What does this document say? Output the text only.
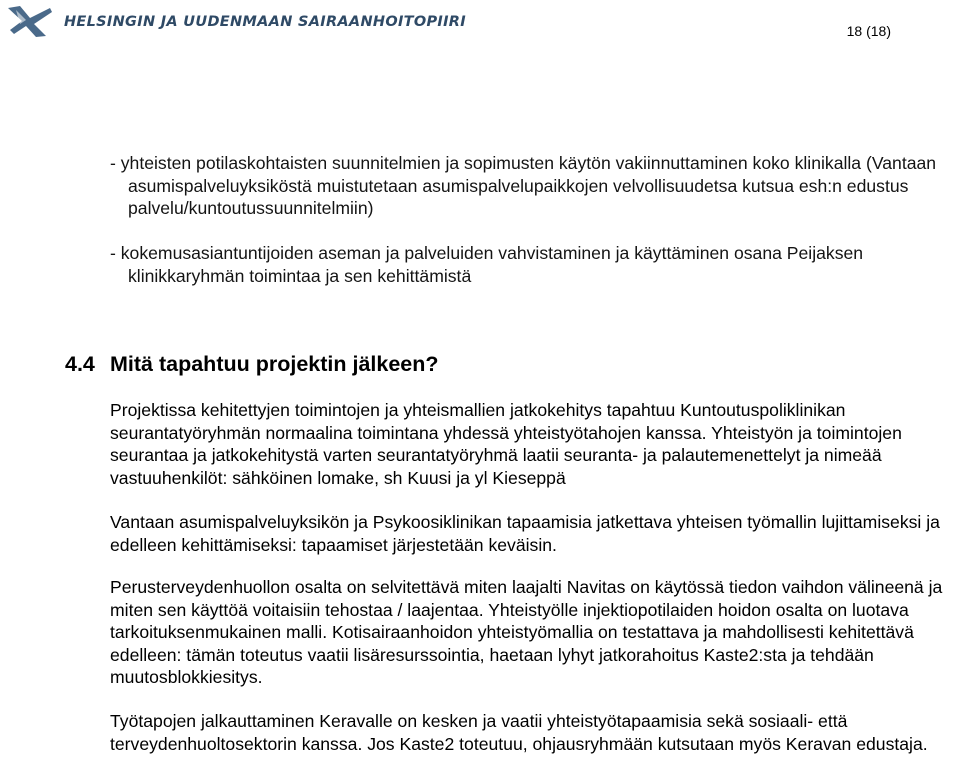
HELSINGIN JA UUDENMAAN SAIRAANHOITOPIIRI
18 (18)

- yhteisten potilaskohtaisten suunnitelmien ja sopimusten käytön vakiinnuttaminen koko klinikalla (Vantaan asumispalveluyksiköstä muistutetaan asumispalvelupaikkojen velvollisuudetsa kutsua esh:n edustus palvelu/kuntoutussuunnitelmiin)

- kokemusasiantuntijoiden aseman ja palveluiden vahvistaminen ja käyttäminen osana Peijaksen klinikkaryhmän toimintaa ja sen kehittämistä

4.4 Mitä tapahtuu projektin jälkeen?

Projektissa kehitettyjen toimintojen ja yhteismallien jatkokehitys tapahtuu Kuntoutuspoliklinikan seurantatyöryhmän normaalina toimintana yhdessä yhteistyötahojen kanssa. Yhteistyön ja toimintojen seurantaa ja jatkokehitystä varten seurantatyöryhmä laatii seuranta- ja palautemenettelyt ja nimeää vastuuhenkilöt: sähköinen lomake, sh Kuusi ja yl Kieseppä

Vantaan asumispalveluyksikön ja Psykoosiklinikan tapaamisia jatkettava yhteisen työmallin lujittamiseksi ja edelleen kehittämiseksi: tapaamiset järjestetään keväisin.

Perusterveydenhuollon osalta on selvitettävä miten laajalti Navitas on käytössä tiedon vaihdon välineenä ja miten sen käyttöä voitaisiin tehostaa / laajentaa. Yhteistyölle injektiopotilaiden hoidon osalta on luotava tarkoituksenmukainen malli. Kotisairaanhoidon yhteistyömallia on testattava ja mahdollisesti kehitettävä edelleen: tämän toteutus vaatii lisäresurssointia, haetaan lyhyt jatkorahoitus Kaste2:sta ja tehdään muutosblokkiesitys.

Työtapojen jalkauttaminen Keravalle on kesken ja vaatii yhteistyötapaamisia sekä sosiaali- että terveydenhuoltosektorin kanssa. Jos Kaste2 toteutuu, ohjausryhmään kutsutaan myös Keravan edustaja.
